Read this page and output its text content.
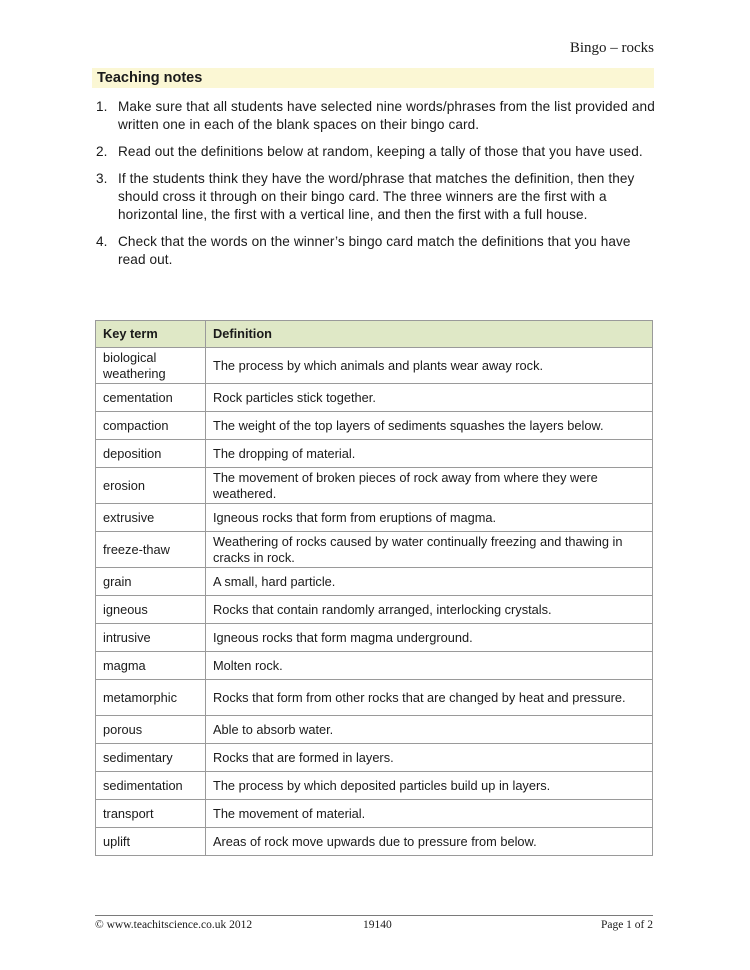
Bingo – rocks
Teaching notes
1. Make sure that all students have selected nine words/phrases from the list provided and written one in each of the blank spaces on their bingo card.
2. Read out the definitions below at random, keeping a tally of those that you have used.
3. If the students think they have the word/phrase that matches the definition, then they should cross it through on their bingo card. The three winners are the first with a horizontal line, the first with a vertical line, and then the first with a full house.
4. Check that the words on the winner’s bingo card match the definitions that you have read out.
Key term	Definition
biological weathering	The process by which animals and plants wear away rock.
cementation	Rock particles stick together.
compaction	The weight of the top layers of sediments squashes the layers below.
deposition	The dropping of material.
erosion	The movement of broken pieces of rock away from where they were weathered.
extrusive	Igneous rocks that form from eruptions of magma.
freeze-thaw	Weathering of rocks caused by water continually freezing and thawing in cracks in rock.
grain	A small, hard particle.
igneous	Rocks that contain randomly arranged, interlocking crystals.
intrusive	Igneous rocks that form magma underground.
magma	Molten rock.
metamorphic	Rocks that form from other rocks that are changed by heat and pressure.
porous	Able to absorb water.
sedimentary	Rocks that are formed in layers.
sedimentation	The process by which deposited particles build up in layers.
transport	The movement of material.
uplift	Areas of rock move upwards due to pressure from below.
© www.teachitscience.co.uk 2012	19140	Page 1 of 2
